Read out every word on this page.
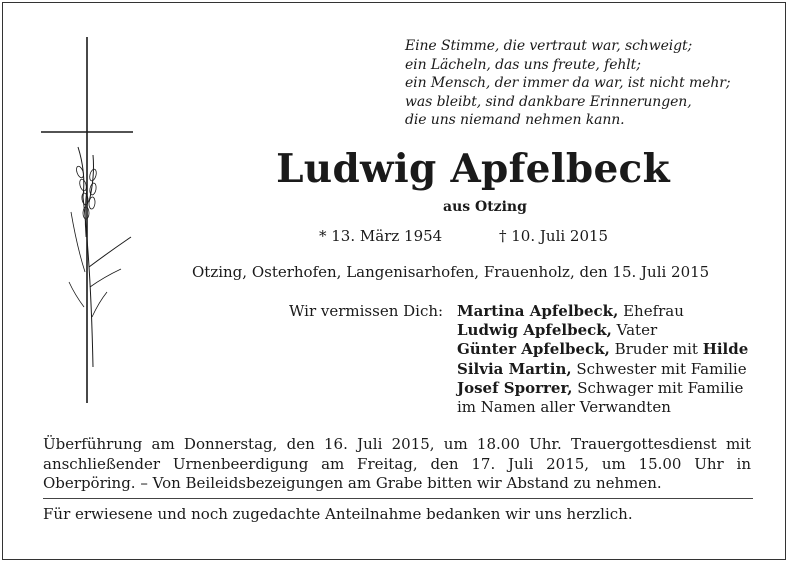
Eine Stimme, die vertraut war, schweigt;
ein Lächeln, das uns freute, fehlt;
ein Mensch, der immer da war, ist nicht mehr;
was bleibt, sind dankbare Erinnerungen,
die uns niemand nehmen kann.
Ludwig Apfelbeck
aus Otzing
* 13. März 1954	† 10. Juli 2015
Otzing, Osterhofen, Langenisarhofen, Frauenholz, den 15. Juli 2015
Wir vermissen Dich: Martina Apfelbeck, Ehefrau
Ludwig Apfelbeck, Vater
Günter Apfelbeck, Bruder mit Hilde
Silvia Martin, Schwester mit Familie
Josef Sporrer, Schwager mit Familie
im Namen aller Verwandten
Überführung am Donnerstag, den 16. Juli 2015, um 18.00 Uhr. Trauergottesdienst mit anschließender Urnenbeerdigung am Freitag, den 17. Juli 2015, um 15.00 Uhr in Oberpöring. – Von Beileidsbezeigungen am Grabe bitten wir Abstand zu nehmen.
Für erwiesene und noch zugedachte Anteilnahme bedanken wir uns herzlich.
